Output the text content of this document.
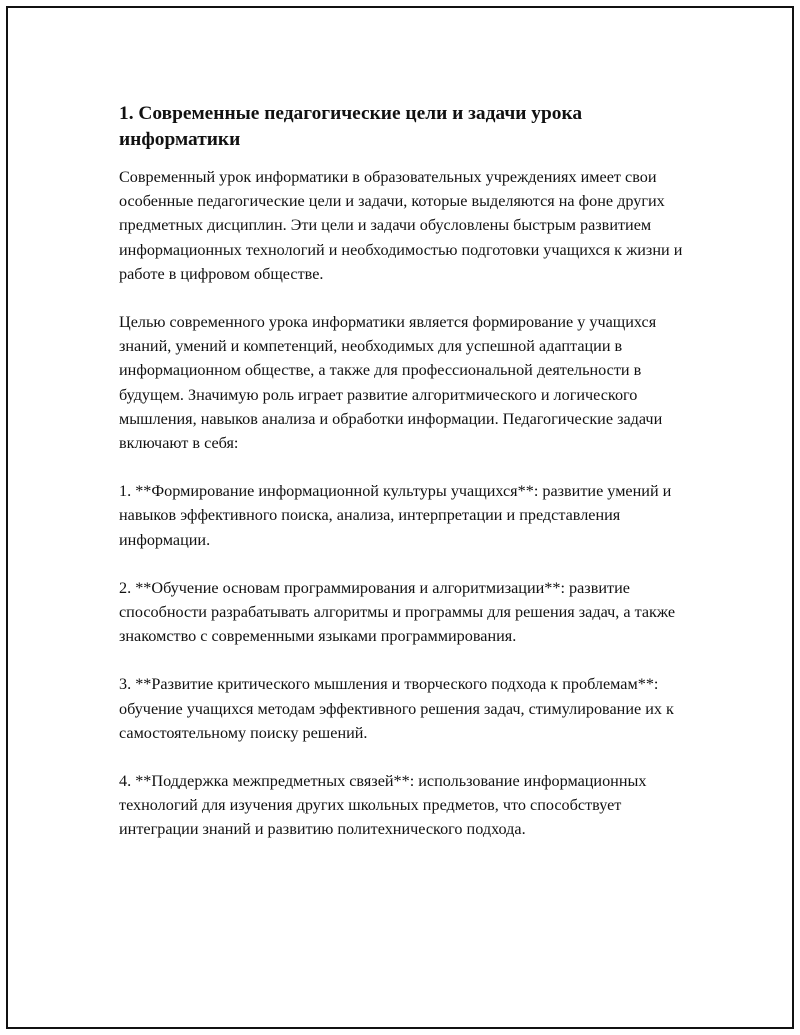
1. Современные педагогические цели и задачи урока информатики

Современный урок информатики в образовательных учреждениях имеет свои особенные педагогические цели и задачи, которые выделяются на фоне других предметных дисциплин. Эти цели и задачи обусловлены быстрым развитием информационных технологий и необходимостью подготовки учащихся к жизни и работе в цифровом обществе.

Целью современного урока информатики является формирование у учащихся знаний, умений и компетенций, необходимых для успешной адаптации в информационном обществе, а также для профессиональной деятельности в будущем. Значимую роль играет развитие алгоритмического и логического мышления, навыков анализа и обработки информации. Педагогические задачи включают в себя:

1. **Формирование информационной культуры учащихся**: развитие умений и навыков эффективного поиска, анализа, интерпретации и представления информации.

2. **Обучение основам программирования и алгоритмизации**: развитие способности разрабатывать алгоритмы и программы для решения задач, а также знакомство с современными языками программирования.

3. **Развитие критического мышления и творческого подхода к проблемам**: обучение учащихся методам эффективного решения задач, стимулирование их к самостоятельному поиску решений.

4. **Поддержка межпредметных связей**: использование информационных технологий для изучения других школьных предметов, что способствует интеграции знаний и развитию политехнического подхода.
